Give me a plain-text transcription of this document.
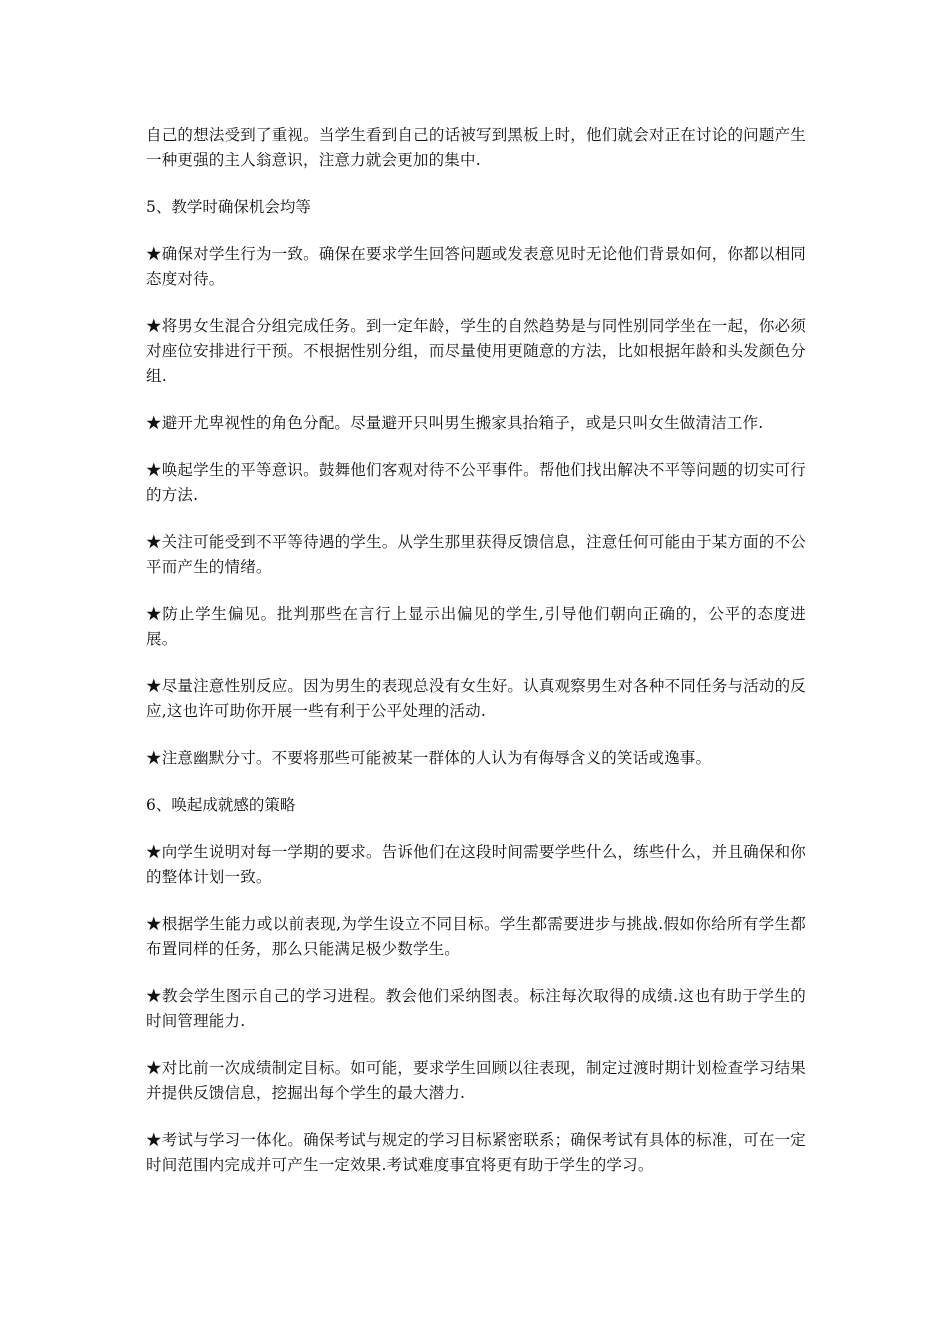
自己的想法受到了重视。当学生看到自己的话被写到黑板上时，他们就会对正在讨论的问题产生一种更强的主人翁意识，注意力就会更加的集中.

5、教学时确保机会均等

★确保对学生行为一致。确保在要求学生回答问题或发表意见时无论他们背景如何，你都以相同态度对待。

★将男女生混合分组完成任务。到一定年龄，学生的自然趋势是与同性别同学坐在一起，你必须对座位安排进行干预。不根据性别分组，而尽量使用更随意的方法，比如根据年龄和头发颜色分组.

★避开尤卑视性的角色分配。尽量避开只叫男生搬家具抬箱子，或是只叫女生做清洁工作.

★唤起学生的平等意识。鼓舞他们客观对待不公平事件。帮他们找出解决不平等问题的切实可行的方法.

★关注可能受到不平等待遇的学生。从学生那里获得反馈信息，注意任何可能由于某方面的不公平而产生的情绪。

★防止学生偏见。批判那些在言行上显示出偏见的学生,引导他们朝向正确的，公平的态度进展。

★尽量注意性别反应。因为男生的表现总没有女生好。认真观察男生对各种不同任务与活动的反应,这也许可助你开展一些有利于公平处理的活动.

★注意幽默分寸。不要将那些可能被某一群体的人认为有侮辱含义的笑话或逸事。

6、唤起成就感的策略

★向学生说明对每一学期的要求。告诉他们在这段时间需要学些什么，练些什么，并且确保和你的整体计划一致。

★根据学生能力或以前表现,为学生设立不同目标。学生都需要进步与挑战.假如你给所有学生都布置同样的任务，那么只能满足极少数学生。

★教会学生图示自己的学习进程。教会他们采纳图表。标注每次取得的成绩.这也有助于学生的时间管理能力.

★对比前一次成绩制定目标。如可能，要求学生回顾以往表现，制定过渡时期计划检查学习结果并提供反馈信息，挖掘出每个学生的最大潜力.

★考试与学习一体化。确保考试与规定的学习目标紧密联系；确保考试有具体的标准，可在一定时间范围内完成并可产生一定效果.考试难度事宜将更有助于学生的学习。
